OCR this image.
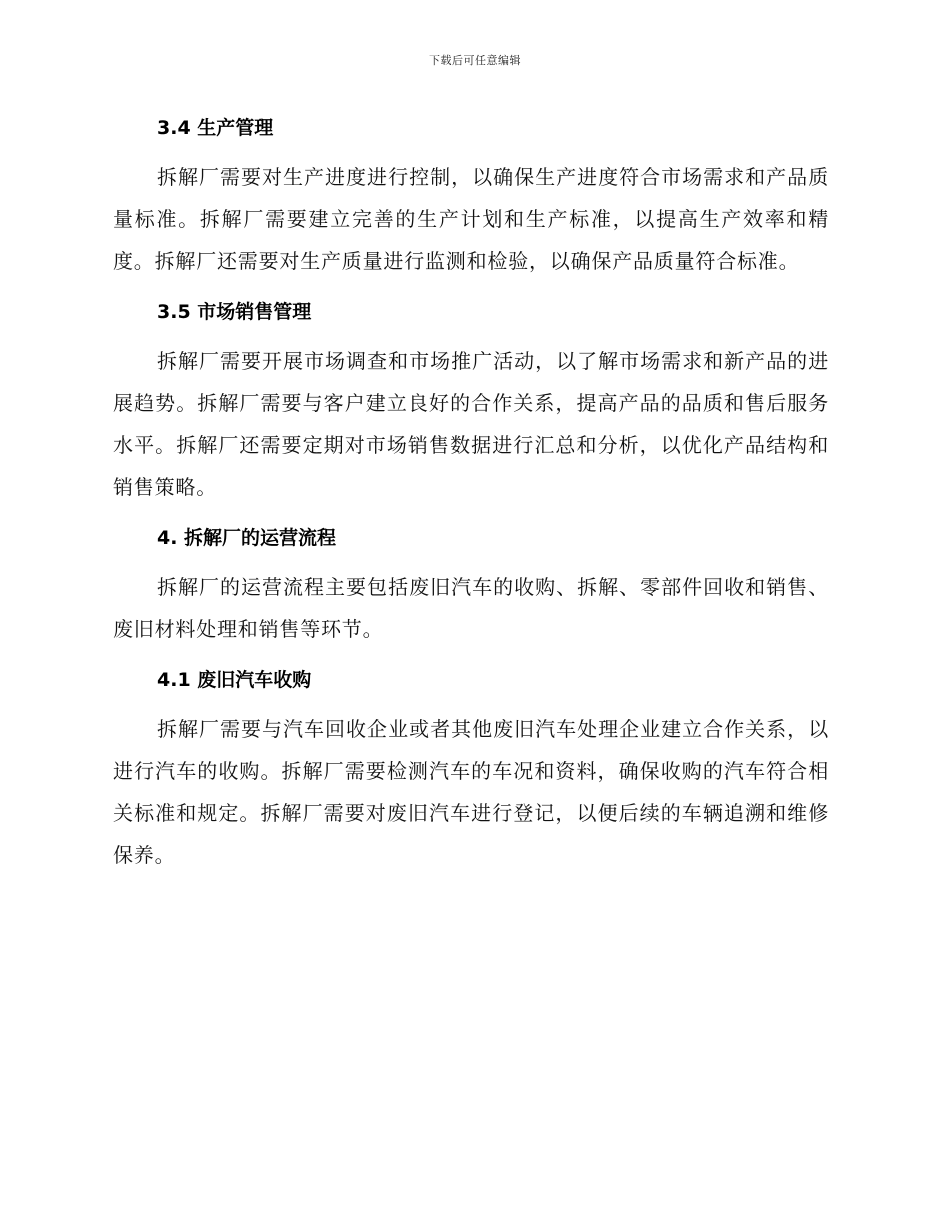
下载后可任意编辑
3.4 生产管理

拆解厂需要对生产进度进行控制，以确保生产进度符合市场需求和产品质量标准。拆解厂需要建立完善的生产计划和生产标准，以提高生产效率和精度。拆解厂还需要对生产质量进行监测和检验，以确保产品质量符合标准。

3.5 市场销售管理

拆解厂需要开展市场调查和市场推广活动，以了解市场需求和新产品的进展趋势。拆解厂需要与客户建立良好的合作关系，提高产品的品质和售后服务水平。拆解厂还需要定期对市场销售数据进行汇总和分析，以优化产品结构和销售策略。

4. 拆解厂的运营流程

拆解厂的运营流程主要包括废旧汽车的收购、拆解、零部件回收和销售、废旧材料处理和销售等环节。

4.1 废旧汽车收购

拆解厂需要与汽车回收企业或者其他废旧汽车处理企业建立合作关系，以进行汽车的收购。拆解厂需要检测汽车的车况和资料，确保收购的汽车符合相关标准和规定。拆解厂需要对废旧汽车进行登记，以便后续的车辆追溯和维修保养。
